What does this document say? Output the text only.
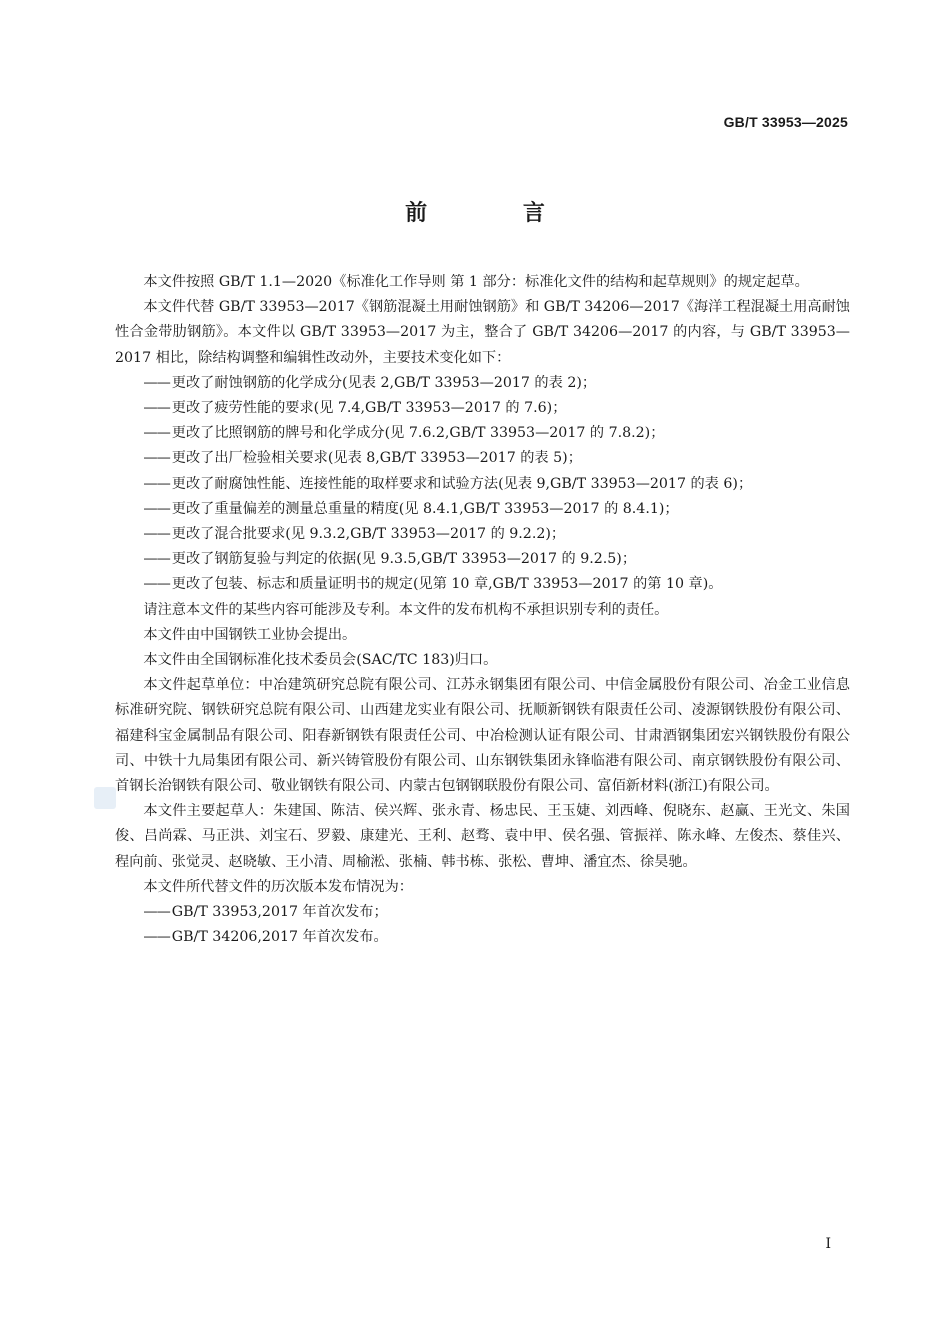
GB/T 33953—2025
前 言

本文件按照 GB/T 1.1—2020《标准化工作导则 第 1 部分：标准化文件的结构和起草规则》的规定起草。

本文件代替 GB/T 33953—2017《钢筋混凝土用耐蚀钢筋》和 GB/T 34206—2017《海洋工程混凝土用高耐蚀性合金带肋钢筋》。本文件以 GB/T 33953—2017 为主，整合了 GB/T 34206—2017 的内容，与 GB/T 33953—2017 相比，除结构调整和编辑性改动外，主要技术变化如下：

——更改了耐蚀钢筋的化学成分(见表 2,GB/T 33953—2017 的表 2)；

——更改了疲劳性能的要求(见 7.4,GB/T 33953—2017 的 7.6)；

——更改了比照钢筋的牌号和化学成分(见 7.6.2,GB/T 33953—2017 的 7.8.2)；

——更改了出厂检验相关要求(见表 8,GB/T 33953—2017 的表 5)；

——更改了耐腐蚀性能、连接性能的取样要求和试验方法(见表 9,GB/T 33953—2017 的表 6)；

——更改了重量偏差的测量总重量的精度(见 8.4.1,GB/T 33953—2017 的 8.4.1)；

——更改了混合批要求(见 9.3.2,GB/T 33953—2017 的 9.2.2)；

——更改了钢筋复验与判定的依据(见 9.3.5,GB/T 33953—2017 的 9.2.5)；

——更改了包装、标志和质量证明书的规定(见第 10 章,GB/T 33953—2017 的第 10 章)。

请注意本文件的某些内容可能涉及专利。本文件的发布机构不承担识别专利的责任。

本文件由中国钢铁工业协会提出。

本文件由全国钢标准化技术委员会(SAC/TC 183)归口。

本文件起草单位：中冶建筑研究总院有限公司、江苏永钢集团有限公司、中信金属股份有限公司、冶金工业信息标准研究院、钢铁研究总院有限公司、山西建龙实业有限公司、抚顺新钢铁有限责任公司、凌源钢铁股份有限公司、福建科宝金属制品有限公司、阳春新钢铁有限责任公司、中冶检测认证有限公司、甘肃酒钢集团宏兴钢铁股份有限公司、中铁十九局集团有限公司、新兴铸管股份有限公司、山东钢铁集团永锋临港有限公司、南京钢铁股份有限公司、首钢长治钢铁有限公司、敬业钢铁有限公司、内蒙古包钢钢联股份有限公司、富佰新材料(浙江)有限公司。

本文件主要起草人：朱建国、陈洁、侯兴辉、张永青、杨忠民、王玉婕、刘西峰、倪晓东、赵赢、王光文、朱国俊、吕尚霖、马正洪、刘宝石、罗毅、康建光、王利、赵骛、袁中甲、侯名强、管振祥、陈永峰、左俊杰、蔡佳兴、程向前、张觉灵、赵晓敏、王小清、周榆淞、张楠、韩书栋、张松、曹坤、潘宜杰、徐昊驰。

本文件所代替文件的历次版本发布情况为：

——GB/T 33953,2017 年首次发布；

——GB/T 34206,2017 年首次发布。

Ⅰ
